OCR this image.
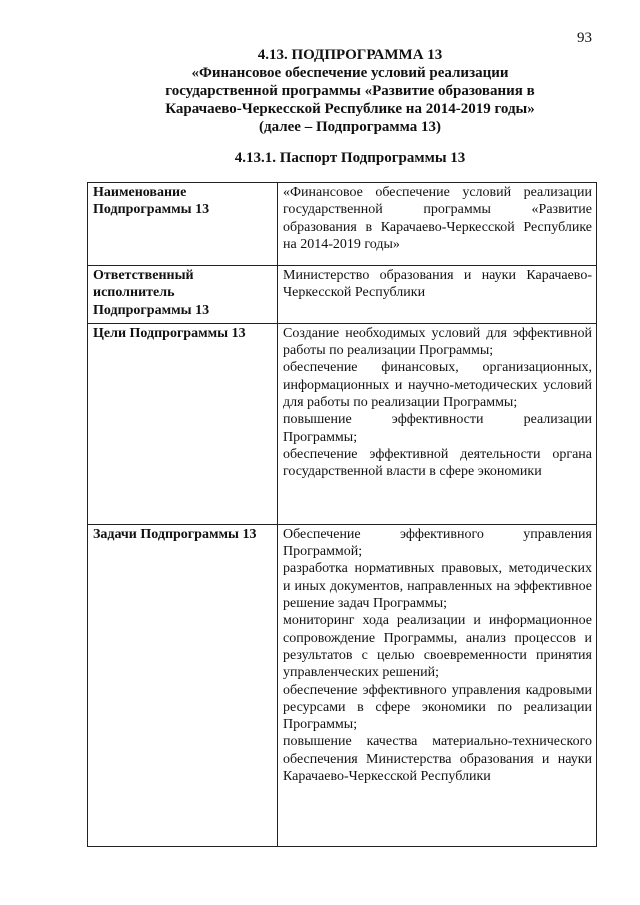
93
4.13. ПОДПРОГРАММА 13
«Финансовое обеспечение условий реализации
государственной программы «Развитие образования в
Карачаево-Черкесской Республике на 2014-2019 годы»
(далее – Подпрограмма 13)
4.13.1. Паспорт Подпрограммы 13
Наименование Подпрограммы 13	«Финансовое обеспечение условий реализации государственной программы «Развитие образования в Карачаево-Черкесской Республике на 2014-2019 годы»

Ответственный исполнитель Подпрограммы 13	Министерство образования и науки Карачаево-Черкесской Республики

Цели Подпрограммы 13	Создание необходимых условий для эффективной работы по реализации Программы;
обеспечение финансовых, организационных, информационных и научно-методических условий для работы по реализации Программы;
повышение эффективности реализации Программы;
обеспечение эффективной деятельности органа государственной власти в сфере экономики

Задачи Подпрограммы 13	Обеспечение эффективного управления Программой;
разработка нормативных правовых, методических и иных документов, направленных на эффективное решение задач Программы;
мониторинг хода реализации и информационное сопровождение Программы, анализ процессов и результатов с целью своевременности принятия управленческих решений;
обеспечение эффективного управления кадровыми ресурсами в сфере экономики по реализации Программы;
повышение качества материально-технического обеспечения Министерства образования и науки Карачаево-Черкесской Республики
